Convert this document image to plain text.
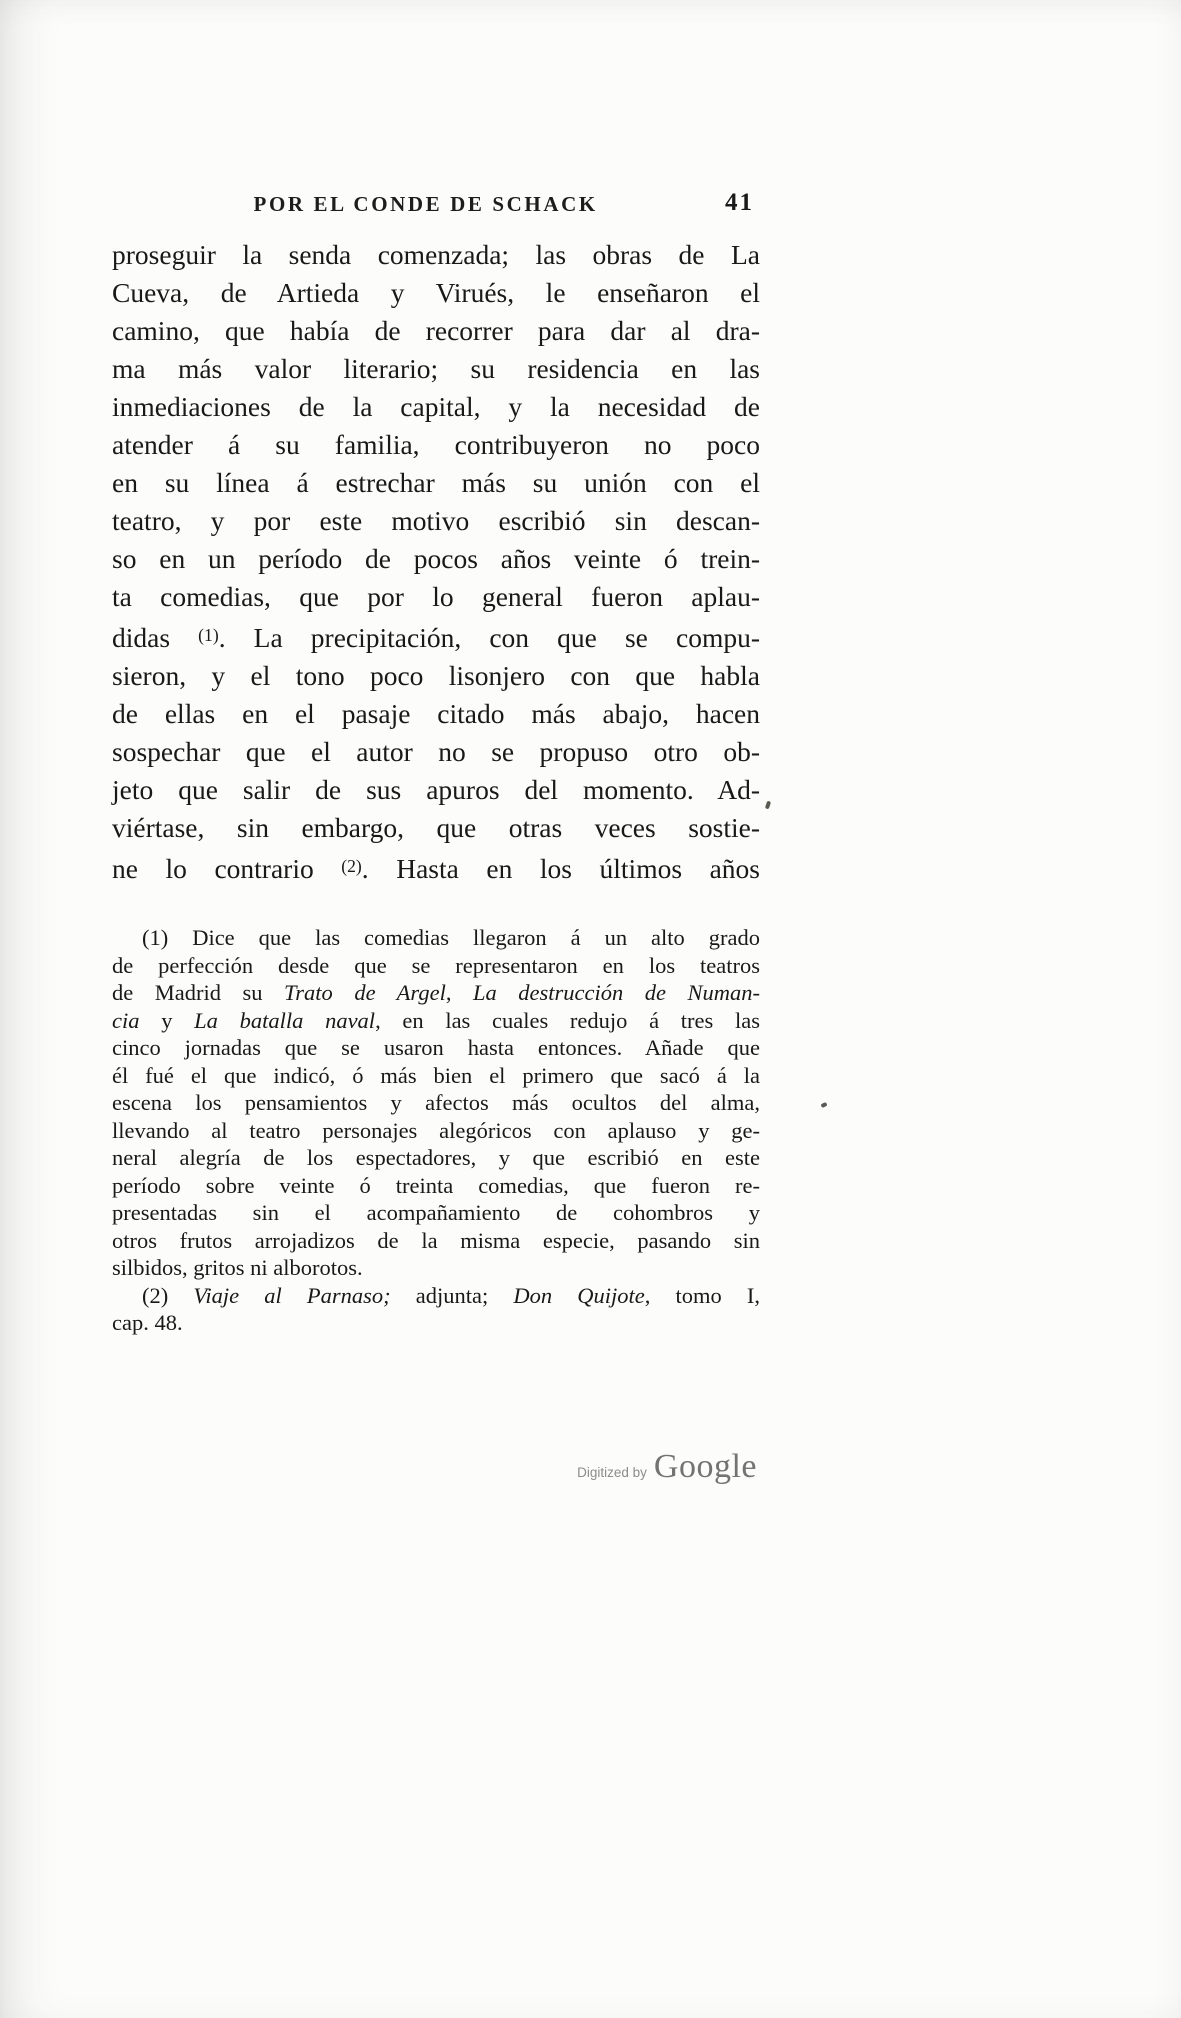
POR EL CONDE DE SCHACK	41
proseguir la senda comenzada; las obras de La
Cueva, de Artieda y Virués, le enseñaron el
camino, que había de recorrer para dar al dra-
ma más valor literario; su residencia en las
inmediaciones de la capital, y la necesidad de
atender á su familia, contribuyeron no poco
en su línea á estrechar más su unión con el
teatro, y por este motivo escribió sin descan-
so en un período de pocos años veinte ó trein-
ta comedias, que por lo general fueron aplau-
didas $^{(1)}$. La precipitación, con que se compu-
sieron, y el tono poco lisonjero con que habla
de ellas en el pasaje citado más abajo, hacen
sospechar que el autor no se propuso otro ob-
jeto que salir de sus apuros del momento. Ad-
viértase, sin embargo, que otras veces sostie-
ne lo contrario $^{(2)}$. Hasta en los últimos años
(1) Dice que las comedias llegaron á un alto grado
de perfección desde que se representaron en los teatros
de Madrid su Trato de Argel, La destrucción de Numan-
cia y La batalla naval, en las cuales redujo á tres las
cinco jornadas que se usaron hasta entonces. Añade que
él fué el que indicó, ó más bien el primero que sacó á la
escena los pensamientos y afectos más ocultos del alma,
llevando al teatro personajes alegóricos con aplauso y ge-
neral alegría de los espectadores, y que escribió en este
período sobre veinte ó treinta comedias, que fueron re-
presentadas sin el acompañamiento de cohombros y
otros frutos arrojadizos de la misma especie, pasando sin
silbidos, gritos ni alborotos.
(2) Viaje al Parnaso; adjunta; Don Quijote, tomo I,
cap. 48.
Digitized by Google
